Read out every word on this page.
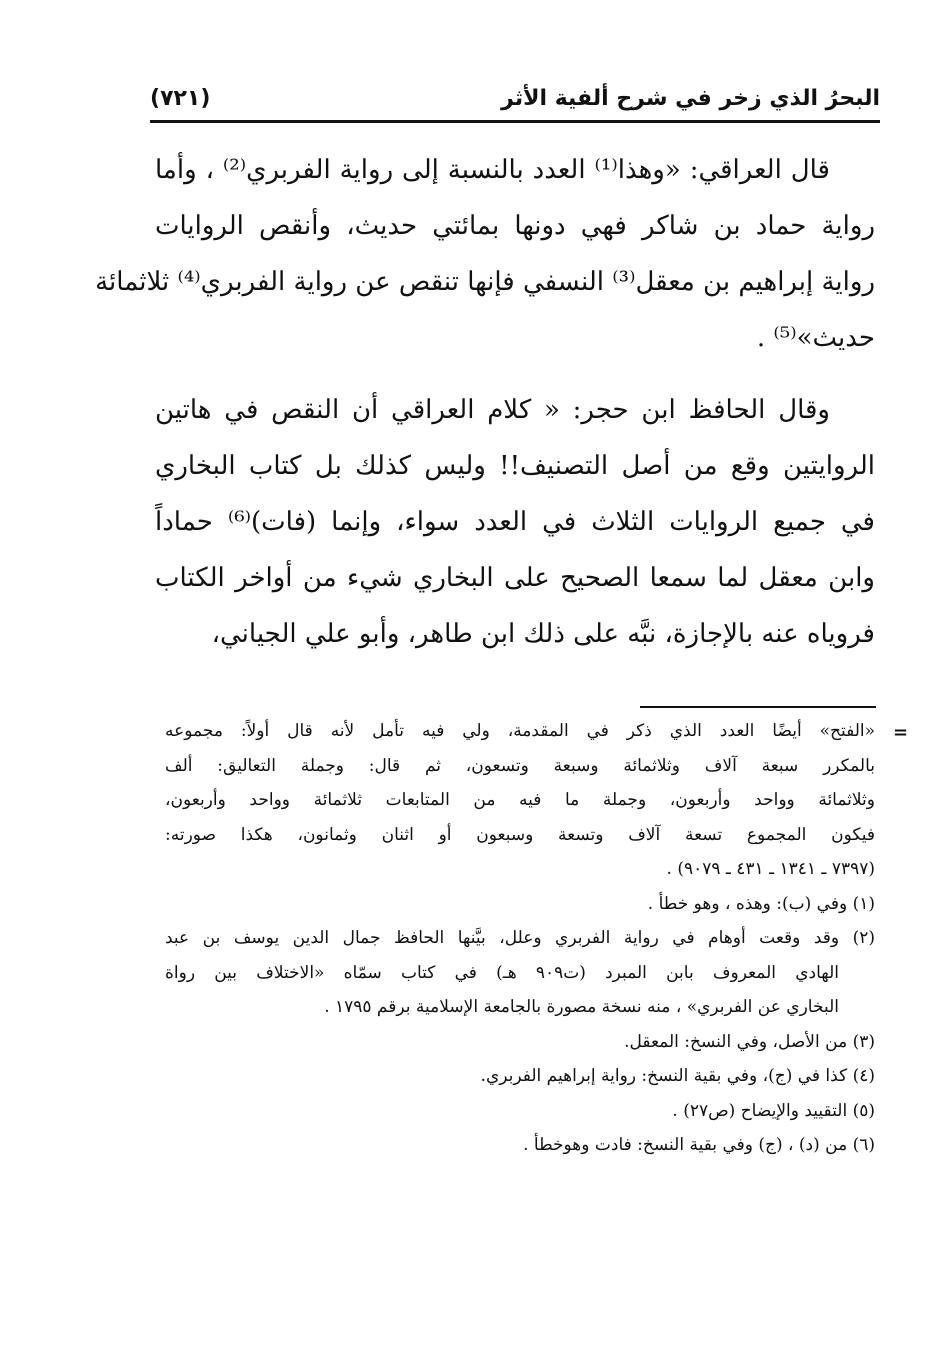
البحرُ الذي زخر في شرح ألفية الأثر
(٧٢١)
قال العراقي: «وهذا⁽¹⁾ العدد بالنسبة إلى رواية الفربري⁽²⁾ ، وأما
رواية حماد بن شاكر فهي دونها بمائتي حديث، وأنقص الروايات
رواية إبراهيم بن معقل⁽³⁾ النسفي فإنها تنقص عن رواية الفربري⁽⁴⁾ ثلاثمائة
حديث»⁽⁵⁾ .
وقال الحافظ ابن حجر: « كلام العراقي أن النقص في هاتين
الروايتين وقع من أصل التصنيف!! وليس كذلك بل كتاب البخاري
في جميع الروايات الثلاث في العدد سواء، وإنما (فات)⁽⁶⁾ حماداً
وابن معقل لما سمعا الصحيح على البخاري شيء من أواخر الكتاب
فروياه عنه بالإجازة، نبَّه على ذلك ابن طاهر، وأبو علي الجياني،
=
«الفتح» أيضًا العدد الذي ذكر في المقدمة، ولي فيه تأمل لأنه قال أولاً: مجموعه
بالمكرر سبعة آلاف وثلاثمائة وسبعة وتسعون، ثم قال: وجملة التعاليق: ألف
وثلاثمائة وواحد وأربعون، وجملة ما فيه من المتابعات ثلاثمائة وواحد وأربعون،
فيكون المجموع تسعة آلاف وتسعة وسبعون أو اثنان وثمانون، هكذا صورته:
(٧٣٩٧ ـ ١٣٤١ ـ ٤٣١ ـ ٩٠٧٩) .
(١) وفي (ب): وهذه ، وهو خطأ .
(٢) وقد وقعت أوهام في رواية الفربري وعلل، بيَّنها الحافظ جمال الدين يوسف بن عبد
الهادي المعروف بابن المبرد (ت٩٠٩ هـ) في كتاب سمّاه «الاختلاف بين رواة
البخاري عن الفربري» ، منه نسخة مصورة بالجامعة الإسلامية برقم ١٧٩٥ .
(٣) من الأصل، وفي النسخ: المعقل.
(٤) كذا في (ج)، وفي بقية النسخ: رواية إبراهيم الفربري.
(٥) التقييد والإيضاح (ص٢٧) .
(٦) من (د) ، (ج) وفي بقية النسخ: فادت وهوخطأ .
